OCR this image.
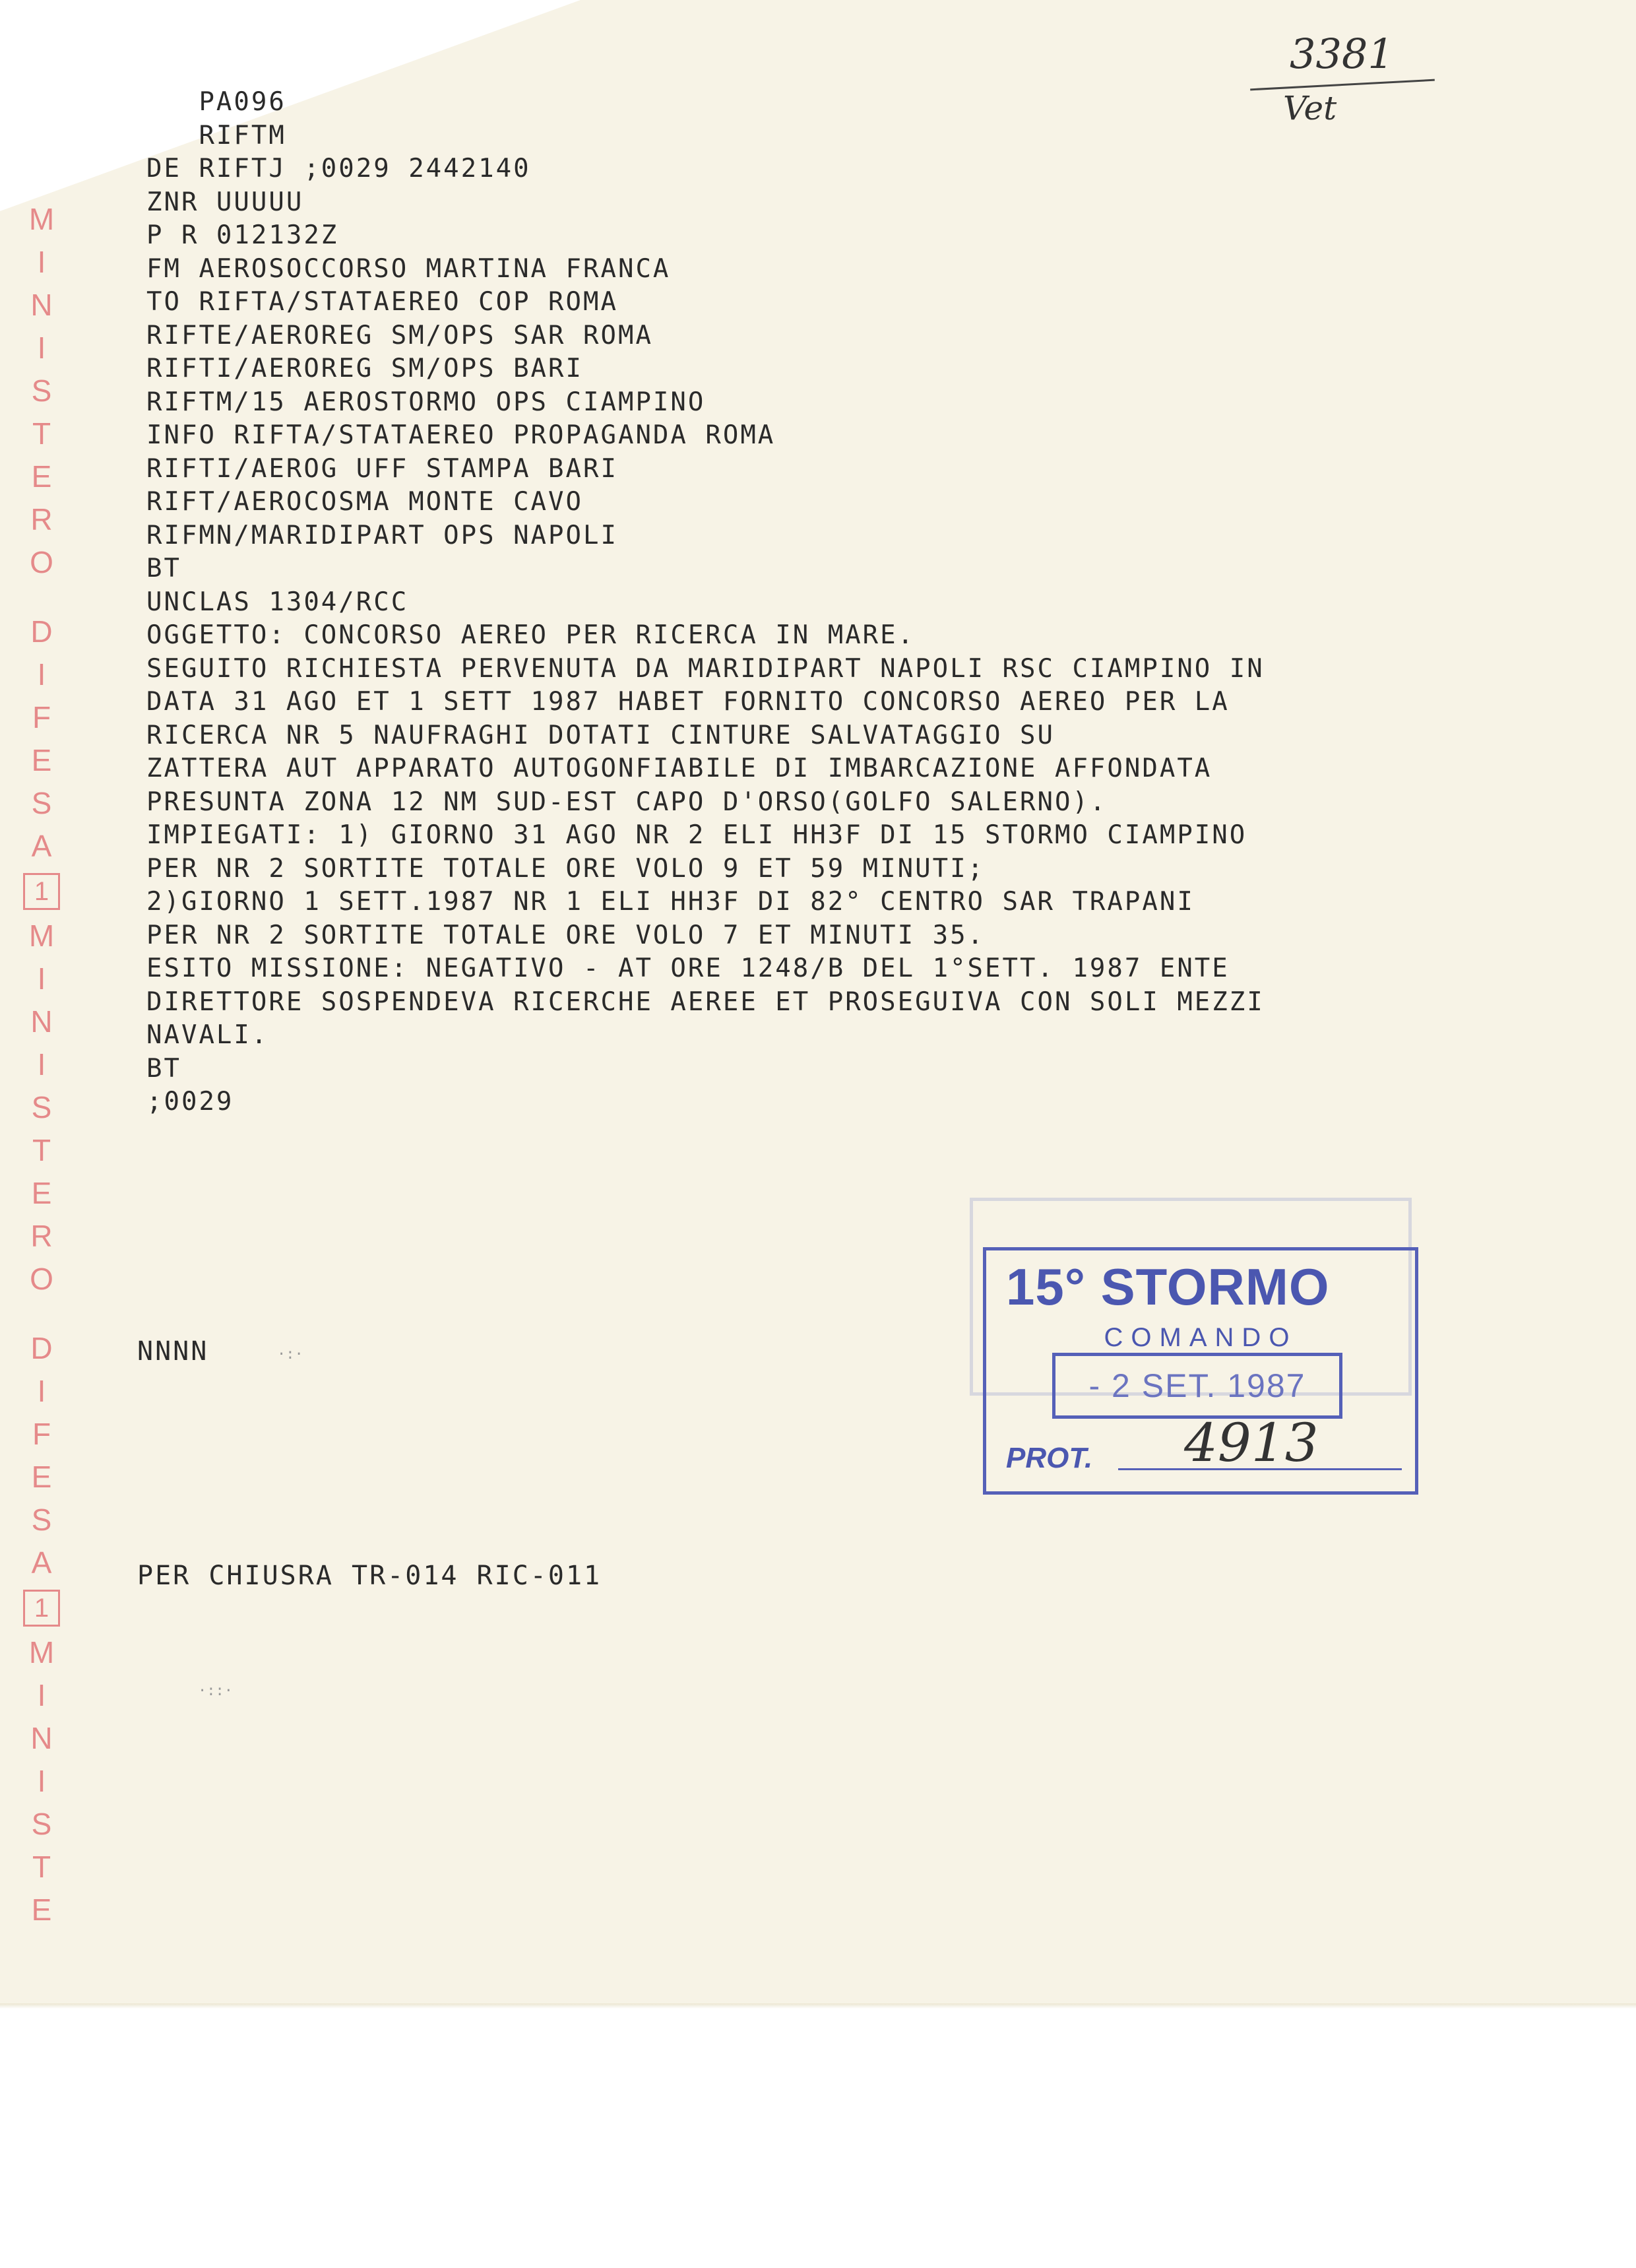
M
I
N
I
S
T
E
R
O
D
I
F
E
S
A
1
M
I
N
I
S
T
E
R
O
D
I
F
E
S
A
1
M
I
N
I
S
T
E
3381
Vet
PA096
RIFTM
DE RIFTJ ;0029 2442140
ZNR UUUUU
P R 012132Z
FM AEROSOCCORSO MARTINA FRANCA
TO RIFTA/STATAEREO COP ROMA
RIFTE/AEROREG SM/OPS SAR ROMA
RIFTI/AEROREG SM/OPS BARI
RIFTM/15 AEROSTORMO OPS CIAMPINO
INFO RIFTA/STATAEREO PROPAGANDA ROMA
RIFTI/AEROG UFF STAMPA BARI
RIFT/AEROCOSMA MONTE CAVO
RIFMN/MARIDIPART OPS NAPOLI
BT
UNCLAS 1304/RCC
OGGETTO: CONCORSO AEREO PER RICERCA IN MARE.
SEGUITO RICHIESTA PERVENUTA DA MARIDIPART NAPOLI RSC CIAMPINO IN
DATA 31 AGO ET 1 SETT 1987 HABET FORNITO CONCORSO AEREO PER LA
RICERCA NR 5 NAUFRAGHI DOTATI CINTURE SALVATAGGIO SU
ZATTERA AUT APPARATO AUTOGONFIABILE DI IMBARCAZIONE AFFONDATA
PRESUNTA ZONA 12 NM SUD-EST CAPO D'ORSO(GOLFO SALERNO).
IMPIEGATI: 1) GIORNO 31 AGO NR 2 ELI HH3F DI 15 STORMO CIAMPINO
PER NR 2 SORTITE TOTALE ORE VOLO 9 ET 59 MINUTI;
2)GIORNO 1 SETT.1987 NR 1 ELI HH3F DI 82° CENTRO SAR TRAPANI
PER NR 2 SORTITE TOTALE ORE VOLO 7 ET MINUTI 35.
ESITO MISSIONE: NEGATIVO - AT ORE 1248/B DEL 1°SETT. 1987 ENTE
DIRETTORE SOSPENDEVA RICERCHE AEREE ET PROSEGUIVA CON SOLI MEZZI
NAVALI.
BT
;0029
NNNN	·:·
·::·
15° STORMO
COMANDO
- 2 SET. 1987
PROT. 4913
PER CHIUSRA TR-014 RIC-011
